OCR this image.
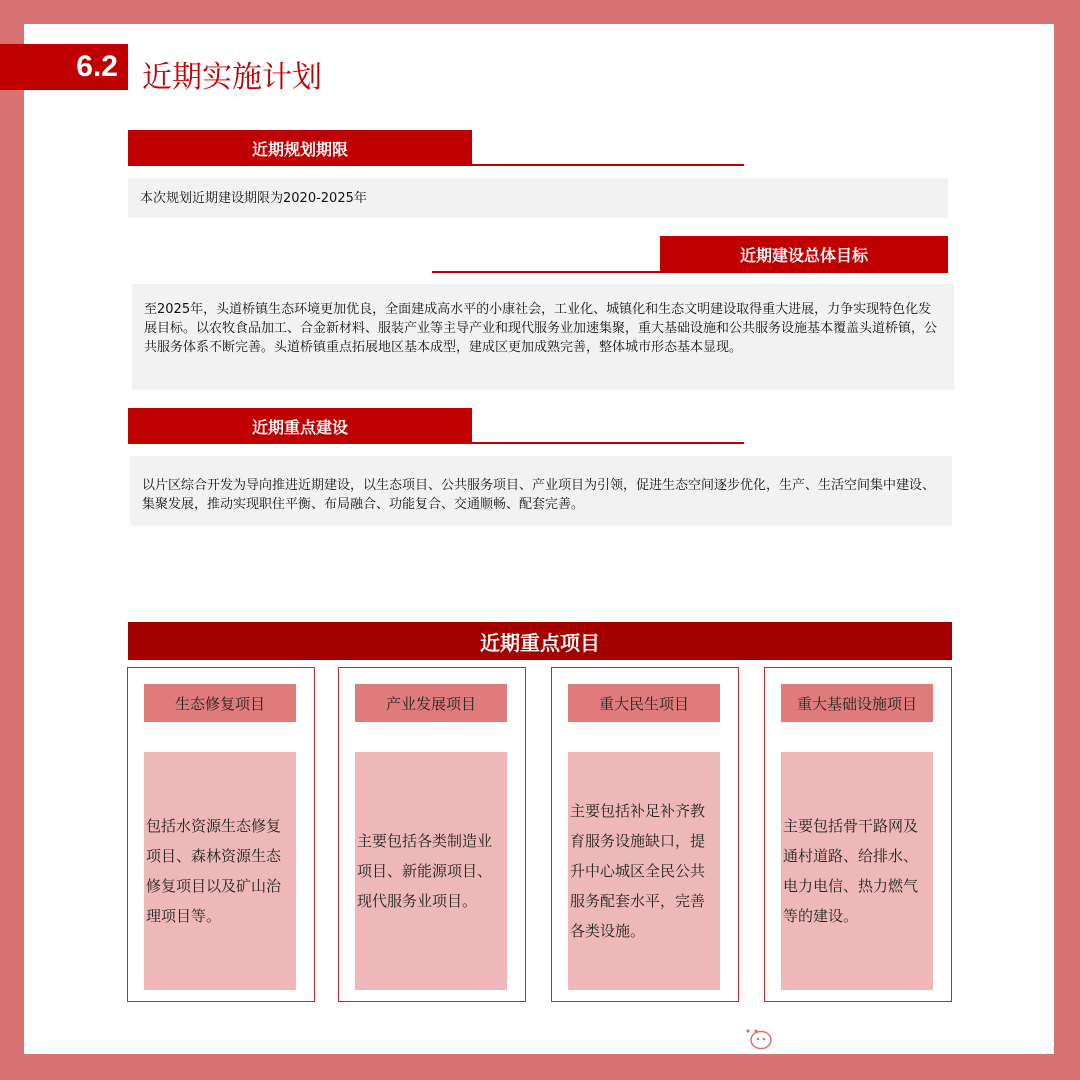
6.2 近期实施计划
近期规划期限
本次规划近期建设期限为2020-2025年
近期建设总体目标
至2025年，头道桥镇生态环境更加优良，全面建成高水平的小康社会，工业化、城镇化和生态文明建设取得重大进展，力争实现特色化发展目标。以农牧食品加工、合金新材料、服装产业等主导产业和现代服务业加速集聚，重大基础设施和公共服务设施基本覆盖头道桥镇，公共服务体系不断完善。头道桥镇重点拓展地区基本成型，建成区更加成熟完善，整体城市形态基本显现。
近期重点建设
以片区综合开发为导向推进近期建设，以生态项目、公共服务项目、产业项目为引领，促进生态空间逐步优化，生产、生活空间集中建设、集聚发展，推动实现职住平衡、布局融合、功能复合、交通顺畅、配套完善。
近期重点项目
生态修复项目
包括水资源生态修复项目、森林资源生态修复项目以及矿山治理项目等。
产业发展项目
主要包括各类制造业项目、新能源项目、现代服务业项目。
重大民生项目
主要包括补足补齐教育服务设施缺口，提升中心城区全民公共服务配套水平，完善各类设施。
重大基础设施项目
主要包括骨干路网及通村道路、给排水、电力电信、热力燃气等的建设。
公众号 · 杭锦后旗头道桥镇
